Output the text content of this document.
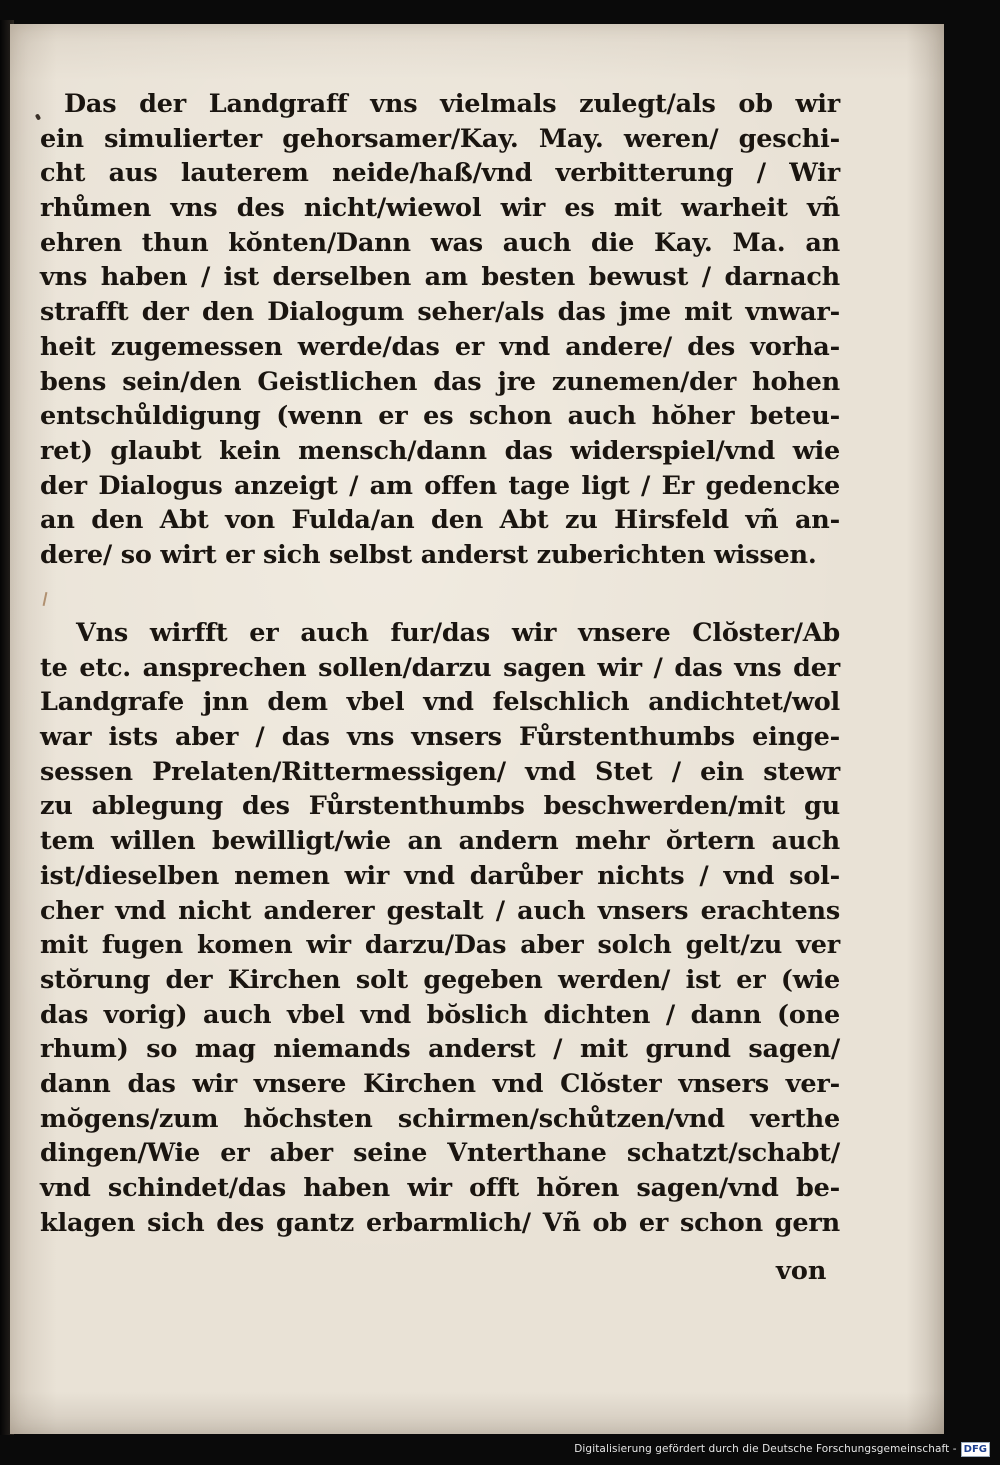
Das der Landgraff vns vielmals zulegt/als ob wir
ein simulierter gehorsamer/Kay. May. weren/ geschi-
cht aus lauterem neide/haß/vnd verbitterung / Wir
rhůmen vns des nicht/wiewol wir es mit warheit vñ
ehren thun kŏnten/Dann was auch die Kay. Ma. an
vns haben / ist derselben am besten bewust / darnach
strafft der den Dialogum seher/als das jme mit vnwar-
heit zugemessen werde/das er vnd andere/ des vorha-
bens sein/den Geistlichen das jre zunemen/der hohen
entschůldigung (wenn er es schon auch hŏher beteu-
ret) glaubt kein mensch/dann das widerspiel/vnd wie
der Dialogus anzeigt / am offen tage ligt / Er gedencke
an den Abt von Fulda/an den Abt zu Hirsfeld vñ an-
dere/ so wirt er sich selbst anderst zuberichten wissen.
Vns wirfft er auch fur/das wir vnsere Clŏster/Ab
te etc. ansprechen sollen/darzu sagen wir / das vns der
Landgrafe jnn dem vbel vnd felschlich andichtet/wol
war ists aber / das vns vnsers Fůrstenthumbs einge-
sessen Prelaten/Rittermessigen/ vnd Stet / ein stewr
zu ablegung des Fůrstenthumbs beschwerden/mit gu
tem willen bewilligt/wie an andern mehr ŏrtern auch
ist/dieselben nemen wir vnd darůber nichts / vnd sol-
cher vnd nicht anderer gestalt / auch vnsers erachtens
mit fugen komen wir darzu/Das aber solch gelt/zu ver
stŏrung der Kirchen solt gegeben werden/ ist er (wie
das vorig) auch vbel vnd bŏslich dichten / dann (one
rhum) so mag niemands anderst / mit grund sagen/
dann das wir vnsere Kirchen vnd Clŏster vnsers ver-
mŏgens/zum hŏchsten schirmen/schůtzen/vnd verthe
dingen/Wie er aber seine Vnterthane schatzt/schabt/
vnd schindet/das haben wir offt hŏren sagen/vnd be-
klagen sich des gantz erbarmlich/ Vñ ob er schon gern
von
Digitalisierung gefördert durch die Deutsche Forschungsgemeinschaft - DFG
